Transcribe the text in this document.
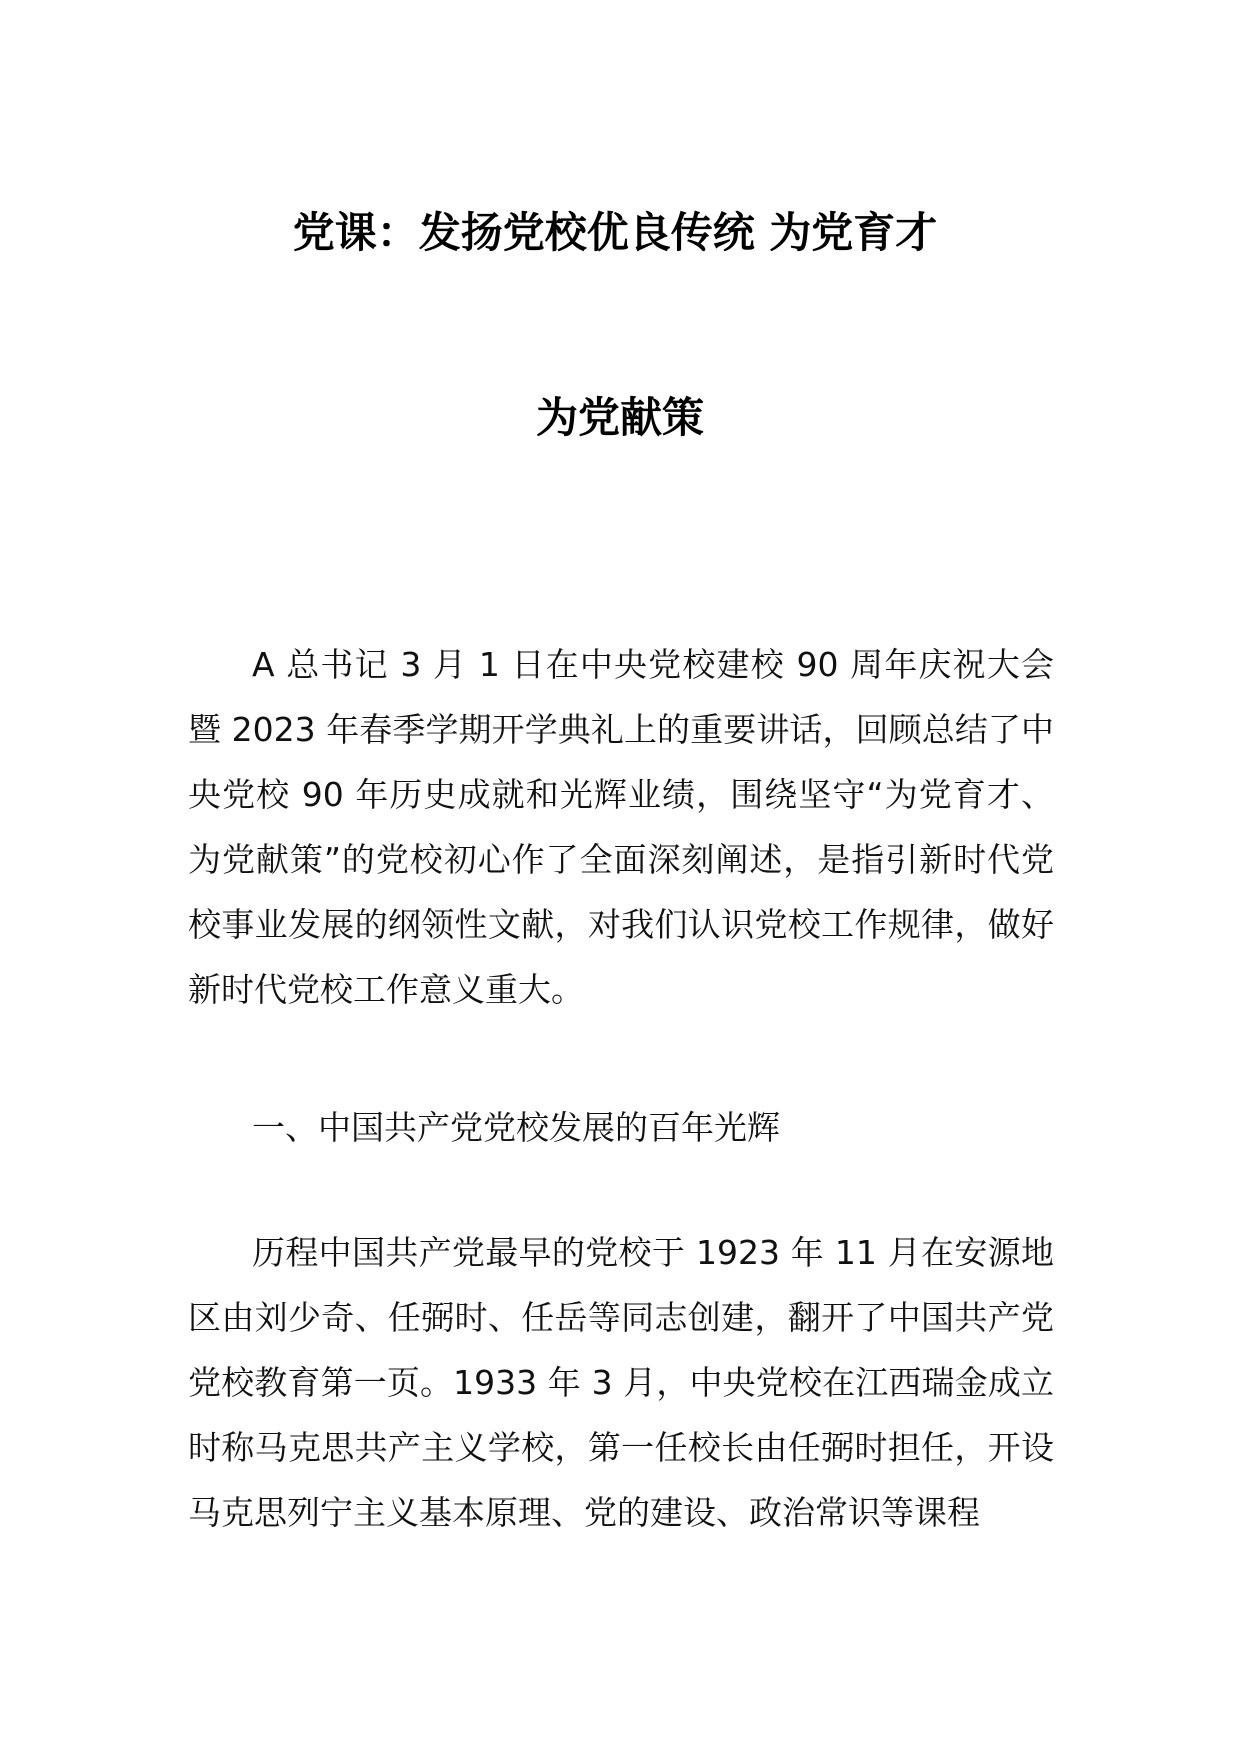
党课：发扬党校优良传统 为党育才
为党献策

A 总书记 3 月 1 日在中央党校建校 90 周年庆祝大会暨 2023 年春季学期开学典礼上的重要讲话，回顾总结了中央党校 90 年历史成就和光辉业绩，围绕坚守“为党育才、为党献策”的党校初心作了全面深刻阐述，是指引新时代党校事业发展的纲领性文献，对我们认识党校工作规律，做好新时代党校工作意义重大。

一、中国共产党党校发展的百年光辉

历程中国共产党最早的党校于 1923 年 11 月在安源地区由刘少奇、任弼时、任岳等同志创建，翻开了中国共产党党校教育第一页。1933 年 3 月，中央党校在江西瑞金成立时称马克思共产主义学校，第一任校长由任弼时担任，开设马克思列宁主义基本原理、党的建设、政治常识等课程
